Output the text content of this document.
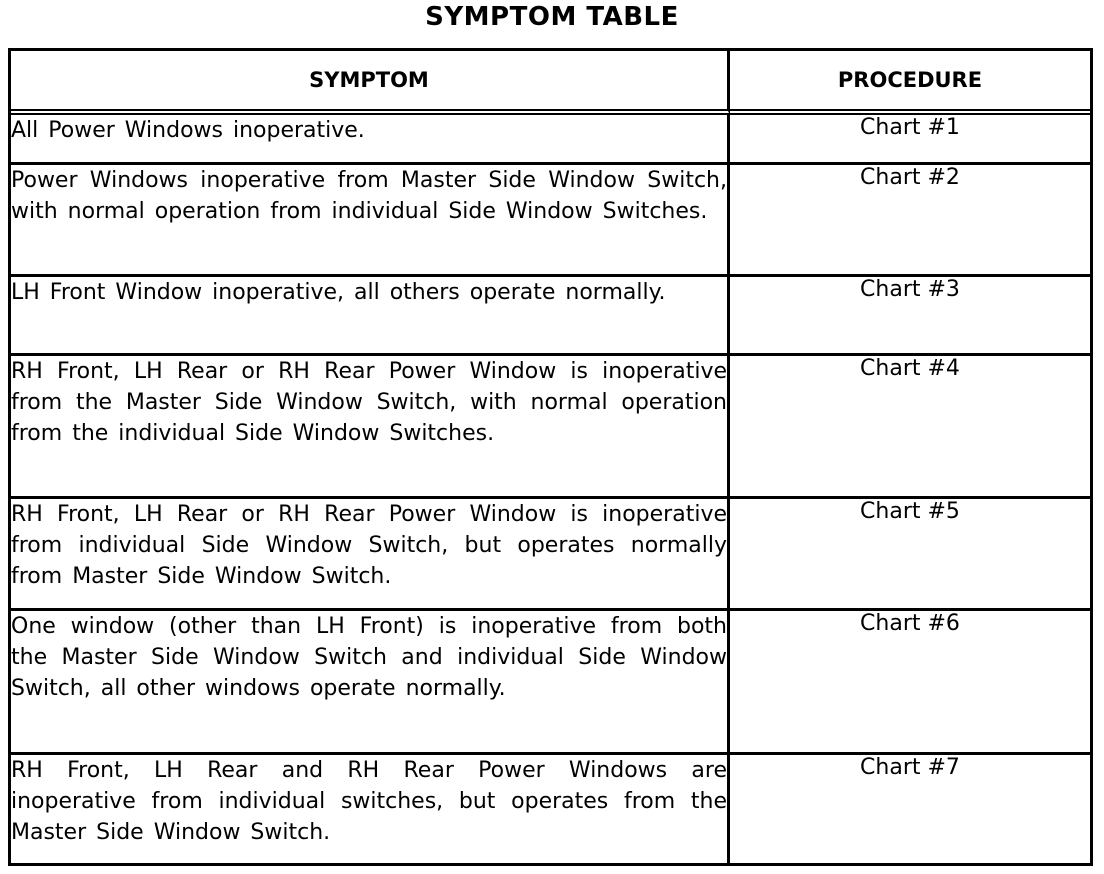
SYMPTOM TABLE
SYMPTOM	PROCEDURE
All Power Windows inoperative.	Chart #1
Power Windows inoperative from Master Side Window Switch, with normal operation from individual Side Window Switches.	Chart #2
LH Front Window inoperative, all others operate normally.	Chart #3
RH Front, LH Rear or RH Rear Power Window is inoperative from the Master Side Window Switch, with normal operation from the individual Side Window Switches.	Chart #4
RH Front, LH Rear or RH Rear Power Window is inoperative from individual Side Window Switch, but operates normally from Master Side Window Switch.	Chart #5
One window (other than LH Front) is inoperative from both the Master Side Window Switch and individual Side Window Switch, all other windows operate normally.	Chart #6
RH Front, LH Rear and RH Rear Power Windows are inoperative from individual switches, but operates from the Master Side Window Switch.	Chart #7
